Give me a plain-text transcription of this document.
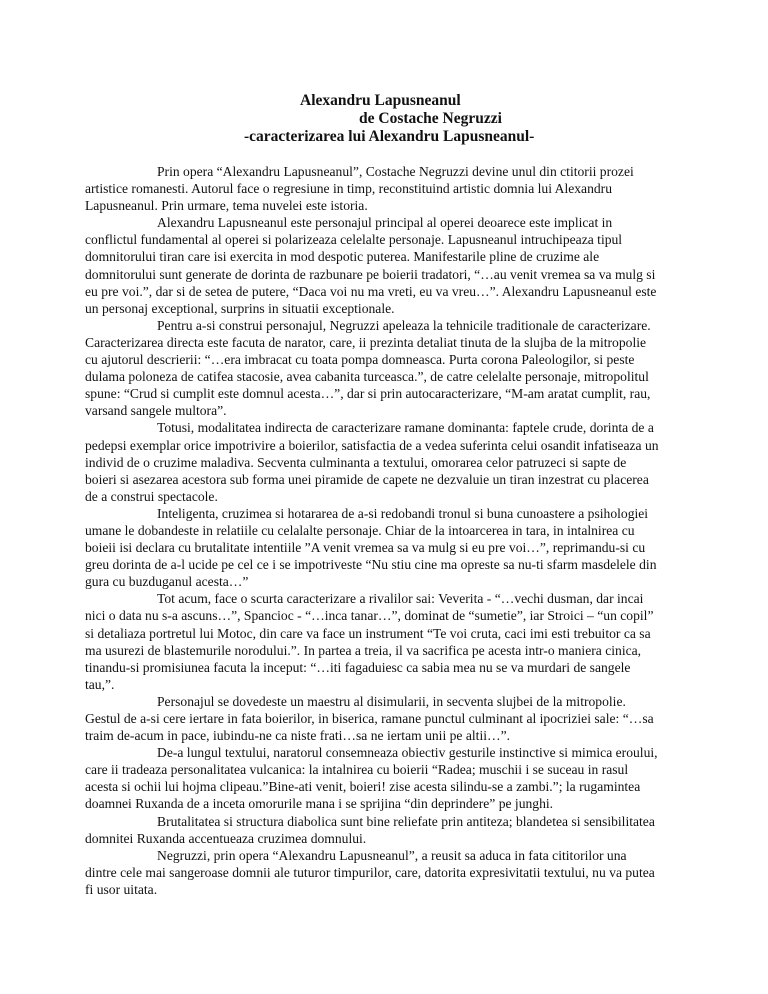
Alexandru Lapusneanul
de Costache Negruzzi
-caracterizarea lui Alexandru Lapusneanul-

Prin opera “Alexandru Lapusneanul”, Costache Negruzzi devine unul din ctitorii prozei artistice romanesti. Autorul face o regresiune in timp, reconstituind artistic domnia lui Alexandru Lapusneanul. Prin urmare, tema nuvelei este istoria.

Alexandru Lapusneanul este personajul principal al operei deoarece este implicat in conflictul fundamental al operei si polarizeaza celelalte personaje. Lapusneanul intruchipeaza tipul domnitorului tiran care isi exercita in mod despotic puterea. Manifestarile pline de cruzime ale domnitorului sunt generate de dorinta de razbunare pe boierii tradatori, “…au venit vremea sa va mulg si eu pre voi.”, dar si de setea de putere, “Daca voi nu ma vreti, eu va vreu…”. Alexandru Lapusneanul este un personaj exceptional, surprins in situatii exceptionale.

Pentru a-si construi personajul, Negruzzi apeleaza la tehnicile traditionale de caracterizare. Caracterizarea directa este facuta de narator, care, ii prezinta detaliat tinuta de la slujba de la mitropolie cu ajutorul descrierii: “…era imbracat cu toata pompa domneasca. Purta corona Paleologilor, si peste dulama poloneza de catifea stacosie, avea cabanita turceasca.”, de catre celelalte personaje, mitropolitul spune: “Crud si cumplit este domnul acesta…”, dar si prin autocaracterizare, “M-am aratat cumplit, rau, varsand sangele multora”.

Totusi, modalitatea indirecta de caracterizare ramane dominanta: faptele crude, dorinta de a pedepsi exemplar orice impotrivire a boierilor, satisfactia de a vedea suferinta celui osandit infatiseaza un individ de o cruzime maladiva. Secventa culminanta a textului, omorarea celor patruzeci si sapte de boieri si asezarea acestora sub forma unei piramide de capete ne dezvaluie un tiran inzestrat cu placerea de a construi spectacole.

Inteligenta, cruzimea si hotararea de a-si redobandi tronul si buna cunoastere a psihologiei umane le dobandeste in relatiile cu celalalte personaje. Chiar de la intoarcerea in tara, in intalnirea cu boieii isi declara cu brutalitate intentiile ”A venit vremea sa va mulg si eu pre voi…”, reprimandu-si cu greu dorinta de a-l ucide pe cel ce i se impotriveste “Nu stiu cine ma opreste sa nu-ti sfarm masdelele din gura cu buzduganul acesta…”

Tot acum, face o scurta caracterizare a rivalilor sai: Veverita - “…vechi dusman, dar incai nici o data nu s-a ascuns…”, Spancioc - “…inca tanar…”, dominat de “sumetie”, iar Stroici – “un copil” si detaliaza portretul lui Motoc, din care va face un instrument “Te voi cruta, caci imi esti trebuitor ca sa ma usurezi de blastemurile norodului.”. In partea a treia, il va sacrifica pe acesta intr-o maniera cinica, tinandu-si promisiunea facuta la inceput: “…iti fagaduiesc ca sabia mea nu se va murdari de sangele tau,”.

Personajul se dovedeste un maestru al disimularii, in secventa slujbei de la mitropolie. Gestul de a-si cere iertare in fata boierilor, in biserica, ramane punctul culminant al ipocriziei sale: “…sa traim de-acum in pace, iubindu-ne ca niste frati…sa ne iertam unii pe altii…”.

De-a lungul textului, naratorul consemneaza obiectiv gesturile instinctive si mimica eroului, care ii tradeaza personalitatea vulcanica: la intalnirea cu boierii “Radea; muschii i se suceau in rasul acesta si ochii lui hojma clipeau.”Bine-ati venit, boieri! zise acesta silindu-se a zambi.”; la rugamintea doamnei Ruxanda de a inceta omorurile mana i se sprijina “din deprindere” pe junghi.

Brutalitatea si structura diabolica sunt bine reliefate prin antiteza; blandetea si sensibilitatea domnitei Ruxanda accentueaza cruzimea domnului.

Negruzzi, prin opera “Alexandru Lapusneanul”, a reusit sa aduca in fata cititorilor una dintre cele mai sangeroase domnii ale tuturor timpurilor, care, datorita expresivitatii textului, nu va putea fi usor uitata.
